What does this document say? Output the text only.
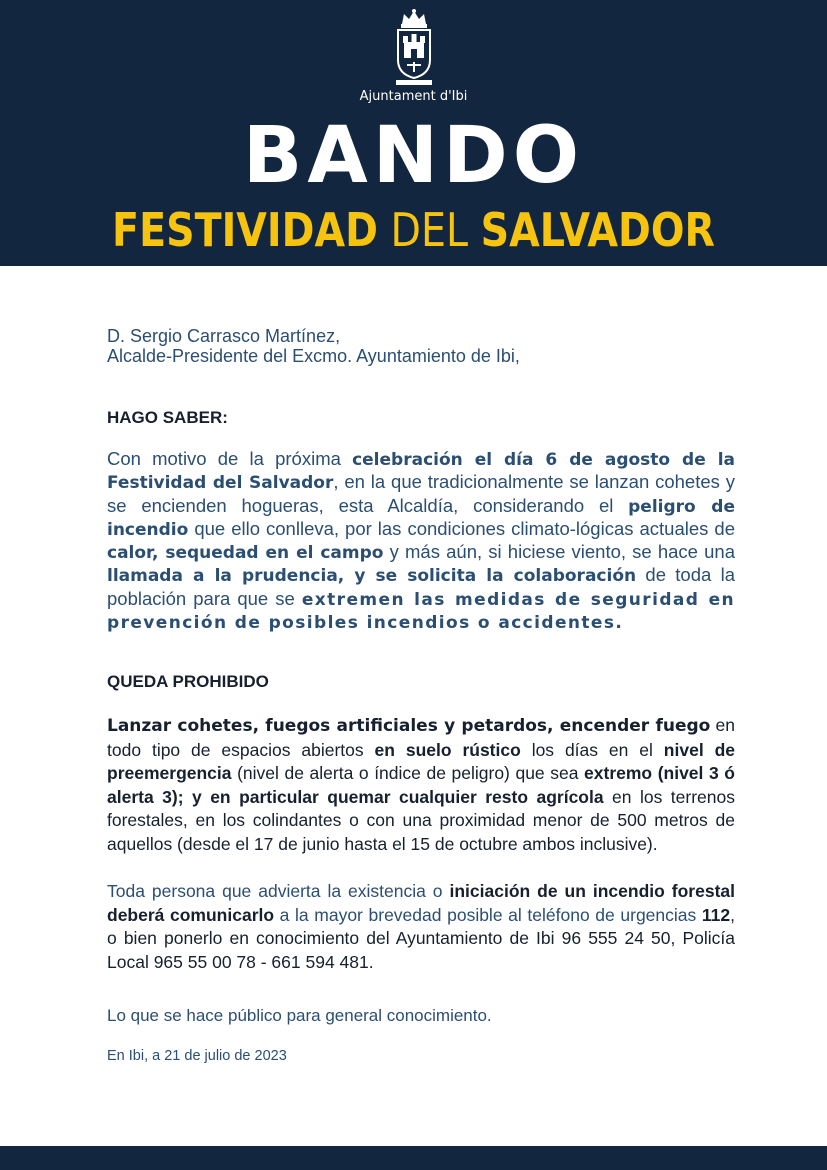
Ajuntament d'Ibi
BANDO
FESTIVIDAD DEL SALVADOR

D. Sergio Carrasco Martínez,

Alcalde-Presidente del Excmo. Ayuntamiento de Ibi,

HAGO SABER:

Con motivo de la próxima celebración el día 6 de agosto de la Festividad del Salvador, en la que tradicionalmente se lanzan cohetes y se encienden hogueras, esta Alcaldía, considerando el peligro de incendio que ello conlleva, por las condiciones climato-lógicas actuales de calor, sequedad en el campo y más aún, si hiciese viento, se hace una llamada a la prudencia, y se solicita la colaboración de toda la población para que se extremen las medidas de seguridad en prevención de posibles incendios o accidentes.

QUEDA PROHIBIDO

Lanzar cohetes, fuegos artificiales y petardos, encender fuego en todo tipo de espacios abiertos en suelo rústico los días en el nivel de preemergencia (nivel de alerta o índice de peligro) que sea extremo (nivel 3 ó alerta 3); y en particular quemar cualquier resto agrícola en los terrenos forestales, en los colindantes o con una proximidad menor de 500 metros de aquellos (desde el 17 de junio hasta el 15 de octubre ambos inclusive).

Toda persona que advierta la existencia o iniciación de un incendio forestal deberá comunicarlo a la mayor brevedad posible al teléfono de urgencias 112, o bien ponerlo en conocimiento del Ayuntamiento de Ibi 96 555 24 50, Policía Local 965 55 00 78 - 661 594 481.

Lo que se hace público para general conocimiento.

En Ibi, a 21 de julio de 2023
